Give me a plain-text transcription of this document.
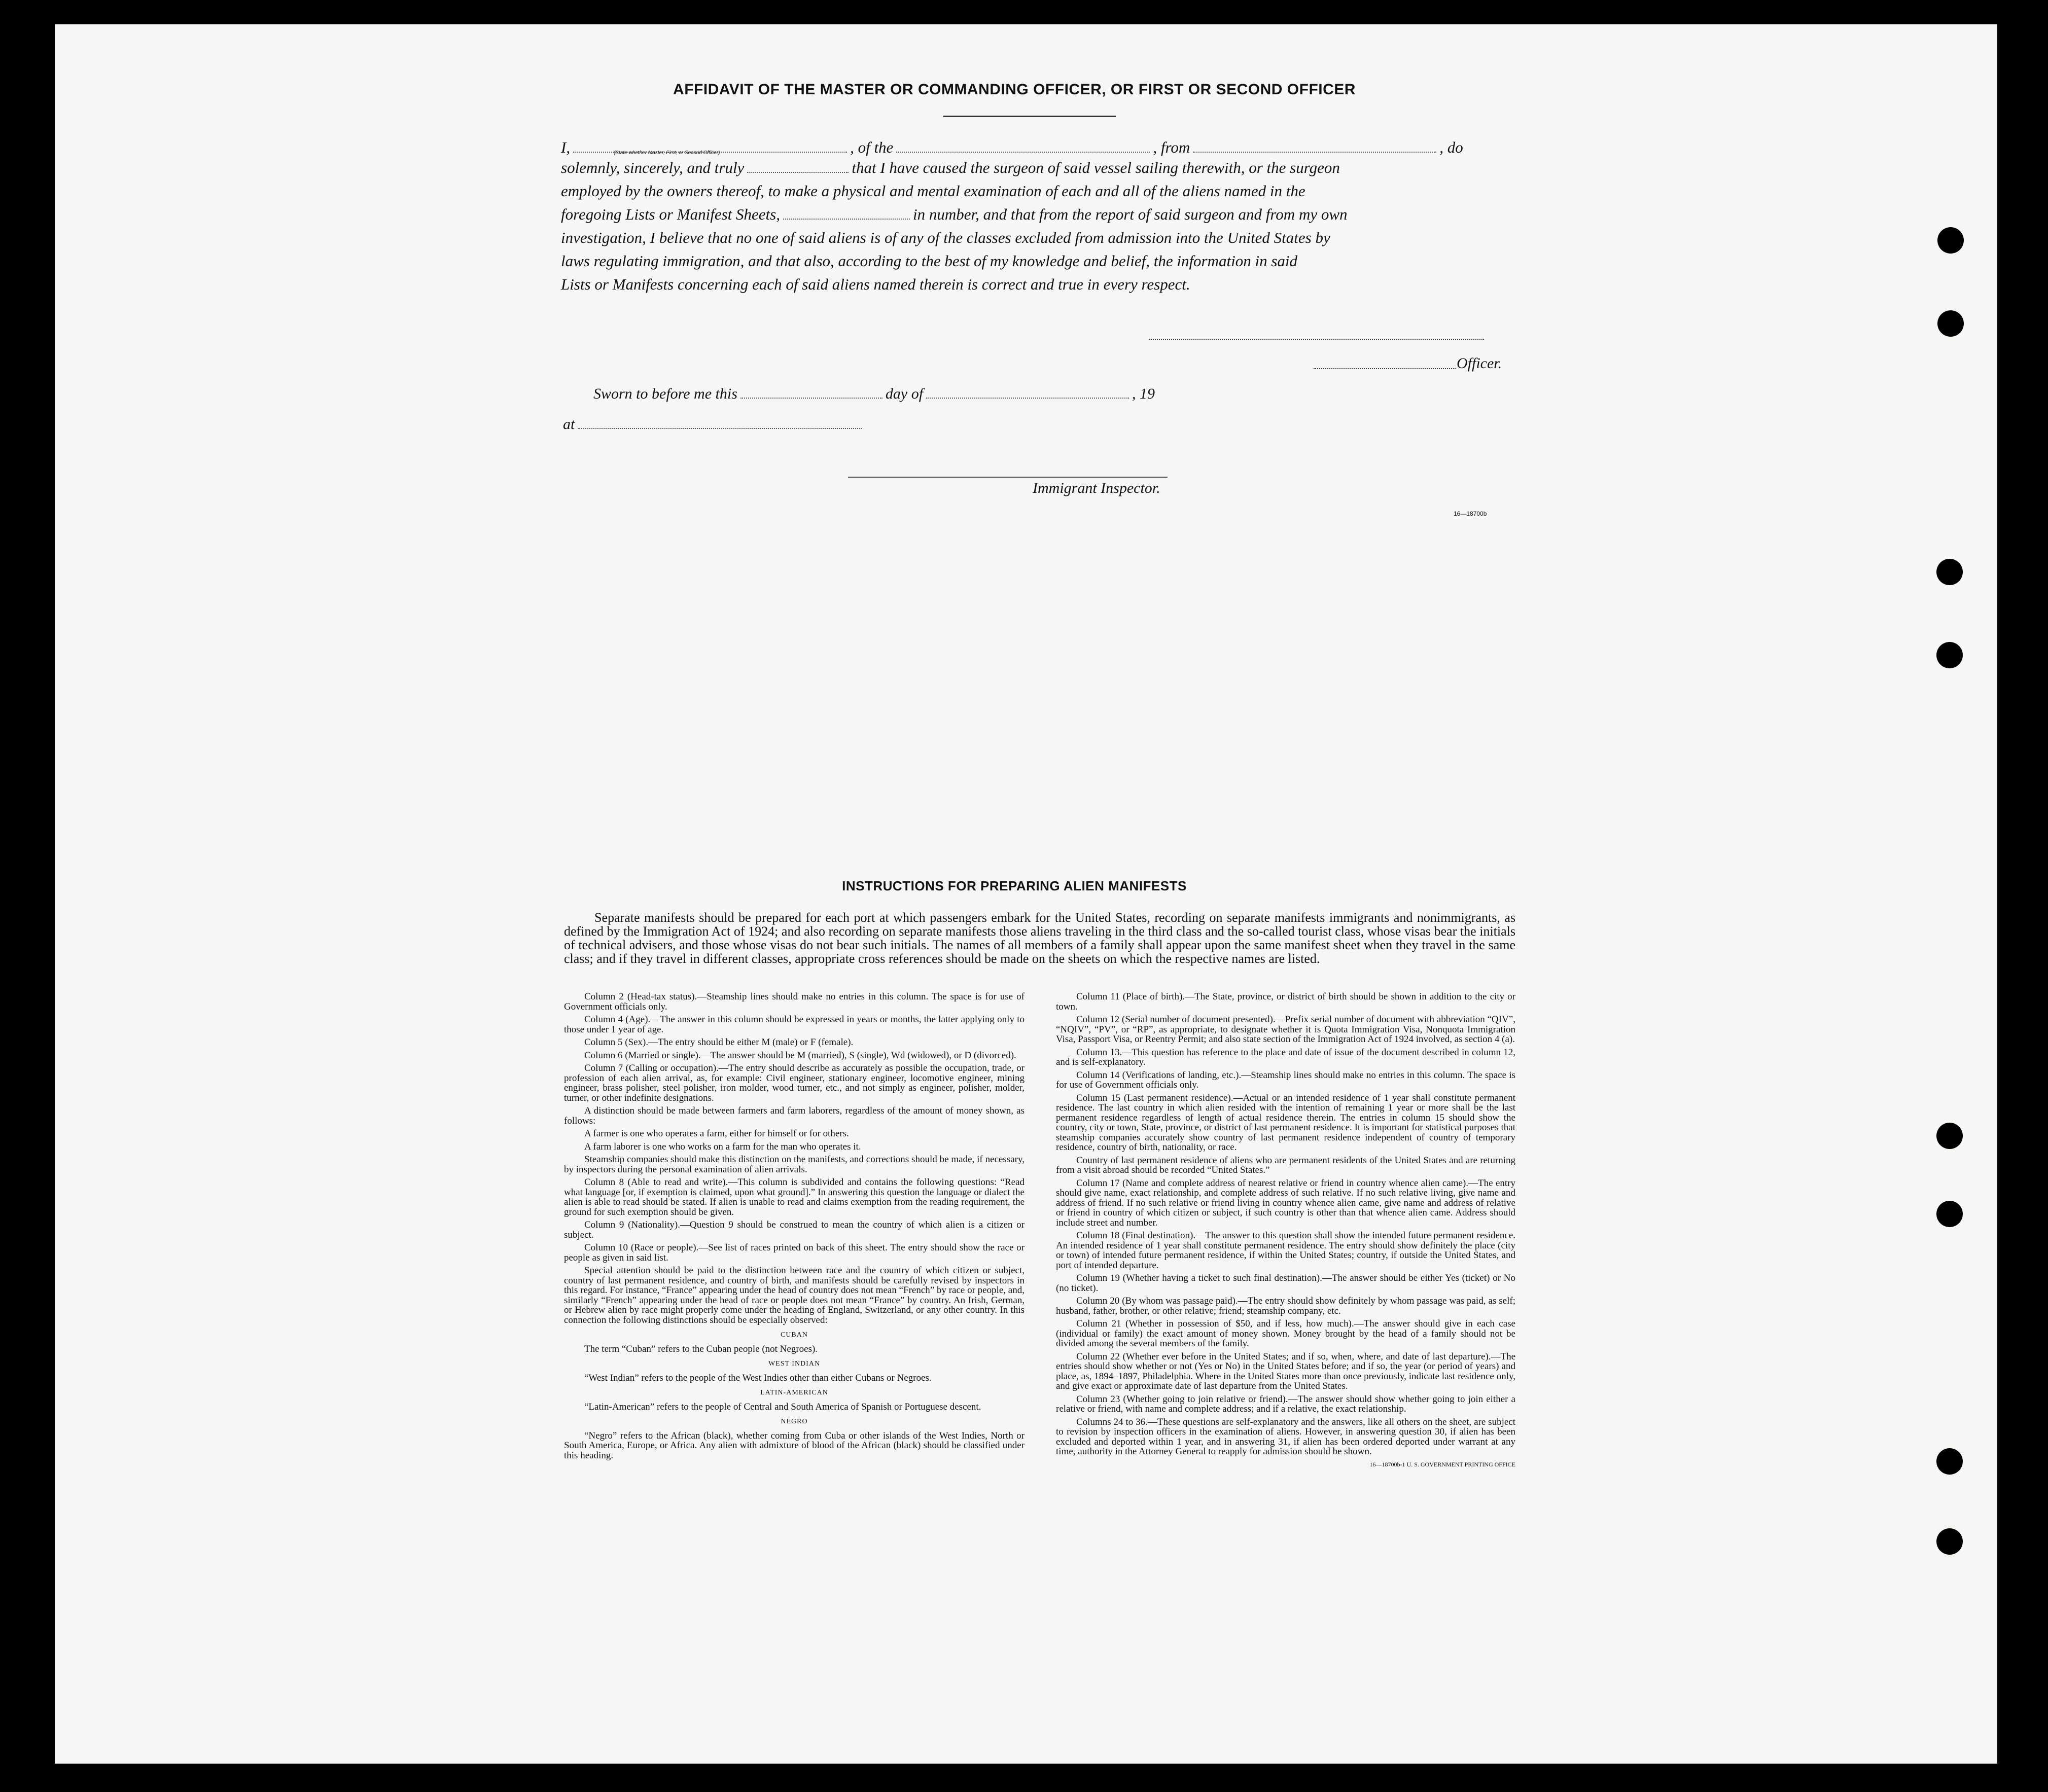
AFFIDAVIT OF THE MASTER OR COMMANDING OFFICER, OR FIRST OR SECOND OFFICER

I,	, of the	, from	, do

(State whether Master, First, or Second Officer)

solemnly, sincerely, and truly	that I have caused the surgeon of said vessel sailing therewith, or the surgeon

employed by the owners thereof, to make a physical and mental examination of each and all of the aliens named in the

foregoing Lists or Manifest Sheets,	in number, and that from the report of said surgeon and from my own

investigation, I believe that no one of said aliens is of any of the classes excluded from admission into the United States by

laws regulating immigration, and that also, according to the best of my knowledge and belief, the information in said

Lists or Manifests concerning each of said aliens named therein is correct and true in every respect.

Officer.
Sworn to before me this	day of	, 19
at
Immigrant Inspector.
16—18700b
INSTRUCTIONS FOR PREPARING ALIEN MANIFESTS
Separate manifests should be prepared for each port at which passengers embark for the United States, recording on separate manifests immigrants and nonimmigrants, as defined by the Immigration Act of 1924; and also recording on separate manifests those aliens traveling in the third class and the so-called tourist class, whose visas bear the initials of technical advisers, and those whose visas do not bear such initials. The names of all members of a family shall appear upon the same manifest sheet when they travel in the same class; and if they travel in different classes, appropriate cross references should be made on the sheets on which the respective names are listed.

Column 2 (Head-tax status).—Steamship lines should make no entries in this column. The space is for use of Government officials only.

Column 4 (Age).—The answer in this column should be expressed in years or months, the latter applying only to those under 1 year of age.

Column 5 (Sex).—The entry should be either M (male) or F (female).

Column 6 (Married or single).—The answer should be M (married), S (single), Wd (widowed), or D (divorced).

Column 7 (Calling or occupation).—The entry should describe as accurately as possible the occupation, trade, or profession of each alien arrival, as, for example: Civil engineer, stationary engineer, locomotive engineer, mining engineer, brass polisher, steel polisher, iron molder, wood turner, etc., and not simply as engineer, polisher, molder, turner, or other indefinite designations.

A distinction should be made between farmers and farm laborers, regardless of the amount of money shown, as follows:

A farmer is one who operates a farm, either for himself or for others.

A farm laborer is one who works on a farm for the man who operates it.

Steamship companies should make this distinction on the manifests, and corrections should be made, if necessary, by inspectors during the personal examination of alien arrivals.

Column 8 (Able to read and write).—This column is subdivided and contains the following questions: “Read what language [or, if exemption is claimed, upon what ground].” In answering this question the language or dialect the alien is able to read should be stated. If alien is unable to read and claims exemption from the reading requirement, the ground for such exemption should be given.

Column 9 (Nationality).—Question 9 should be construed to mean the country of which alien is a citizen or subject.

Column 10 (Race or people).—See list of races printed on back of this sheet. The entry should show the race or people as given in said list.

Special attention should be paid to the distinction between race and the country of which citizen or subject, country of last permanent residence, and country of birth, and manifests should be carefully revised by inspectors in this regard. For instance, “France” appearing under the head of country does not mean “French” by race or people, and, similarly “French” appearing under the head of race or people does not mean “France” by country. An Irish, German, or Hebrew alien by race might properly come under the heading of England, Switzerland, or any other country. In this connection the following distinctions should be especially observed:

CUBAN

The term “Cuban” refers to the Cuban people (not Negroes).

WEST INDIAN

“West Indian” refers to the people of the West Indies other than either Cubans or Negroes.

LATIN-AMERICAN

“Latin-American” refers to the people of Central and South America of Spanish or Portuguese descent.

NEGRO

“Negro” refers to the African (black), whether coming from Cuba or other islands of the West Indies, North or South America, Europe, or Africa. Any alien with admixture of blood of the African (black) should be classified under this heading.

Column 11 (Place of birth).—The State, province, or district of birth should be shown in addition to the city or town.

Column 12 (Serial number of document presented).—Prefix serial number of document with abbreviation “QIV”, “NQIV”, “PV”, or “RP”, as appropriate, to designate whether it is Quota Immigration Visa, Nonquota Immigration Visa, Passport Visa, or Reentry Permit; and also state section of the Immigration Act of 1924 involved, as section 4 (a).

Column 13.—This question has reference to the place and date of issue of the document described in column 12, and is self-explanatory.

Column 14 (Verifications of landing, etc.).—Steamship lines should make no entries in this column. The space is for use of Government officials only.

Column 15 (Last permanent residence).—Actual or an intended residence of 1 year shall constitute permanent residence. The last country in which alien resided with the intention of remaining 1 year or more shall be the last permanent residence regardless of length of actual residence therein. The entries in column 15 should show the country, city or town, State, province, or district of last permanent residence. It is important for statistical purposes that steamship companies accurately show country of last permanent residence independent of country of temporary residence, country of birth, nationality, or race.

Country of last permanent residence of aliens who are permanent residents of the United States and are returning from a visit abroad should be recorded “United States.”

Column 17 (Name and complete address of nearest relative or friend in country whence alien came).—The entry should give name, exact relationship, and complete address of such relative. If no such relative living, give name and address of friend. If no such relative or friend living in country whence alien came, give name and address of relative or friend in country of which citizen or subject, if such country is other than that whence alien came. Address should include street and number.

Column 18 (Final destination).—The answer to this question shall show the intended future permanent residence. An intended residence of 1 year shall constitute permanent residence. The entry should show definitely the place (city or town) of intended future permanent residence, if within the United States; country, if outside the United States, and port of intended departure.

Column 19 (Whether having a ticket to such final destination).—The answer should be either Yes (ticket) or No (no ticket).

Column 20 (By whom was passage paid).—The entry should show definitely by whom passage was paid, as self; husband, father, brother, or other relative; friend; steamship company, etc.

Column 21 (Whether in possession of $50, and if less, how much).—The answer should give in each case (individual or family) the exact amount of money shown. Money brought by the head of a family should not be divided among the several members of the family.

Column 22 (Whether ever before in the United States; and if so, when, where, and date of last departure).—The entries should show whether or not (Yes or No) in the United States before; and if so, the year (or period of years) and place, as, 1894–1897, Philadelphia. Where in the United States more than once previously, indicate last residence only, and give exact or approximate date of last departure from the United States.

Column 23 (Whether going to join relative or friend).—The answer should show whether going to join either a relative or friend, with name and complete address; and if a relative, the exact relationship.

Columns 24 to 36.—These questions are self-explanatory and the answers, like all others on the sheet, are subject to revision by inspection officers in the examination of aliens. However, in answering question 30, if alien has been excluded and deported within 1 year, and in answering 31, if alien has been ordered deported under warrant at any time, authority in the Attorney General to reapply for admission should be shown.

16—18700b-1 U. S. GOVERNMENT PRINTING OFFICE
